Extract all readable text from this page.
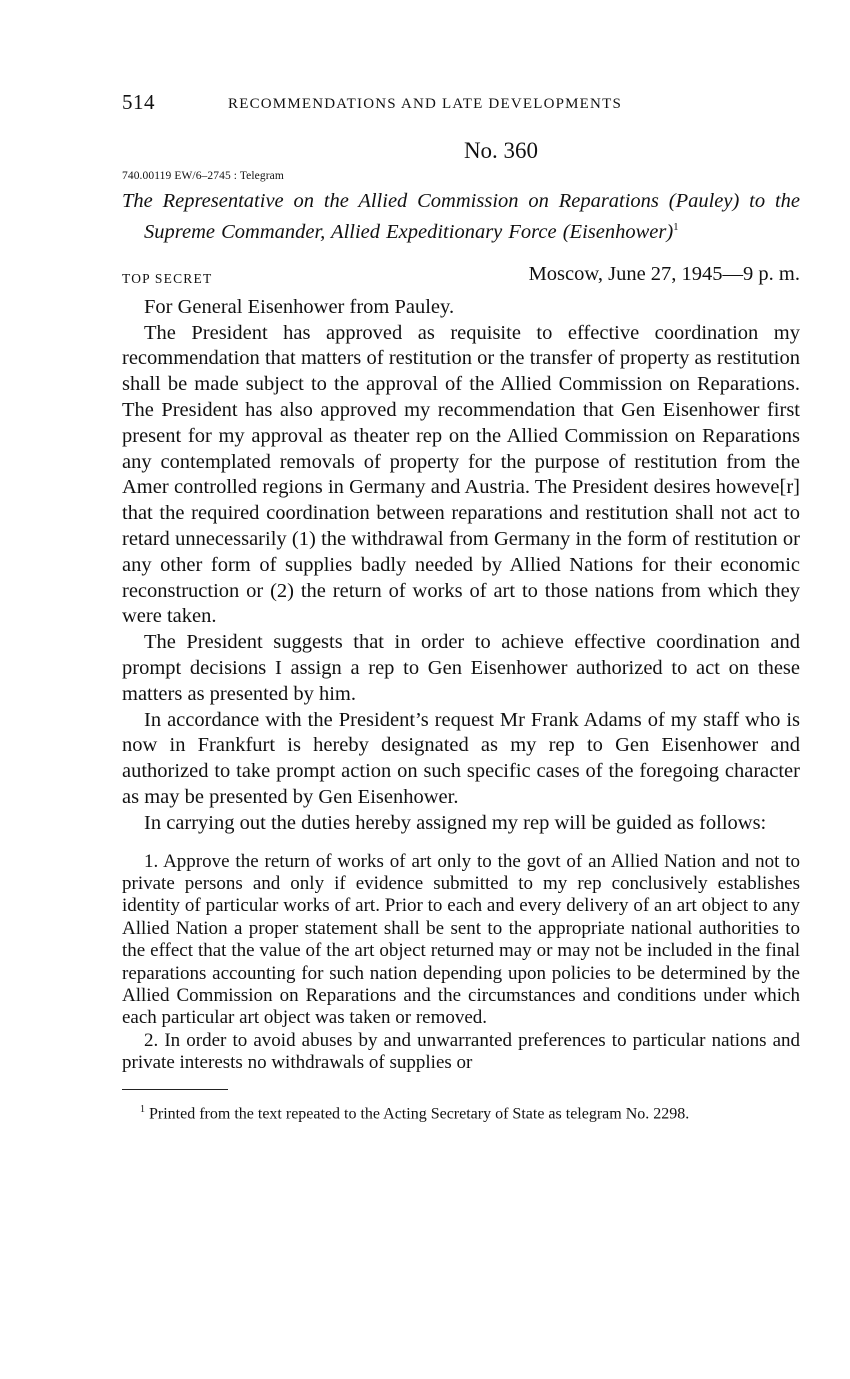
514	RECOMMENDATIONS AND LATE DEVELOPMENTS
No. 360
740.00119 EW/6–2745 : Telegram
The Representative on the Allied Commission on Reparations (Pauley) to the Supreme Commander, Allied Expeditionary Force (Eisenhower)$^1$
TOP SECRET	Moscow, June 27, 1945—9 p. m.

For General Eisenhower from Pauley.

The President has approved as requisite to effective coordination my recommendation that matters of restitution or the transfer of property as restitution shall be made subject to the approval of the Allied Commission on Reparations. The President has also approved my recommendation that Gen Eisenhower first present for my approval as theater rep on the Allied Commission on Reparations any contemplated removals of property for the purpose of restitution from the Amer controlled regions in Germany and Austria. The President desires howeve[r] that the required coordination between reparations and restitution shall not act to retard unnecessarily (1) the withdrawal from Germany in the form of restitution or any other form of supplies badly needed by Allied Nations for their economic reconstruction or (2) the return of works of art to those nations from which they were taken.

The President suggests that in order to achieve effective coordination and prompt decisions I assign a rep to Gen Eisenhower authorized to act on these matters as presented by him.

In accordance with the President’s request Mr Frank Adams of my staff who is now in Frankfurt is hereby designated as my rep to Gen Eisenhower and authorized to take prompt action on such specific cases of the foregoing character as may be presented by Gen Eisenhower.

In carrying out the duties hereby assigned my rep will be guided as follows:

1. Approve the return of works of art only to the govt of an Allied Nation and not to private persons and only if evidence submitted to my rep conclusively establishes identity of particular works of art. Prior to each and every delivery of an art object to any Allied Nation a proper statement shall be sent to the appropriate national authorities to the effect that the value of the art object returned may or may not be included in the final reparations accounting for such nation depending upon policies to be determined by the Allied Commission on Reparations and the circumstances and conditions under which each particular art object was taken or removed.

2. In order to avoid abuses by and unwarranted preferences to particular nations and private interests no withdrawals of supplies or

$^1$ Printed from the text repeated to the Acting Secretary of State as telegram No. 2298.
